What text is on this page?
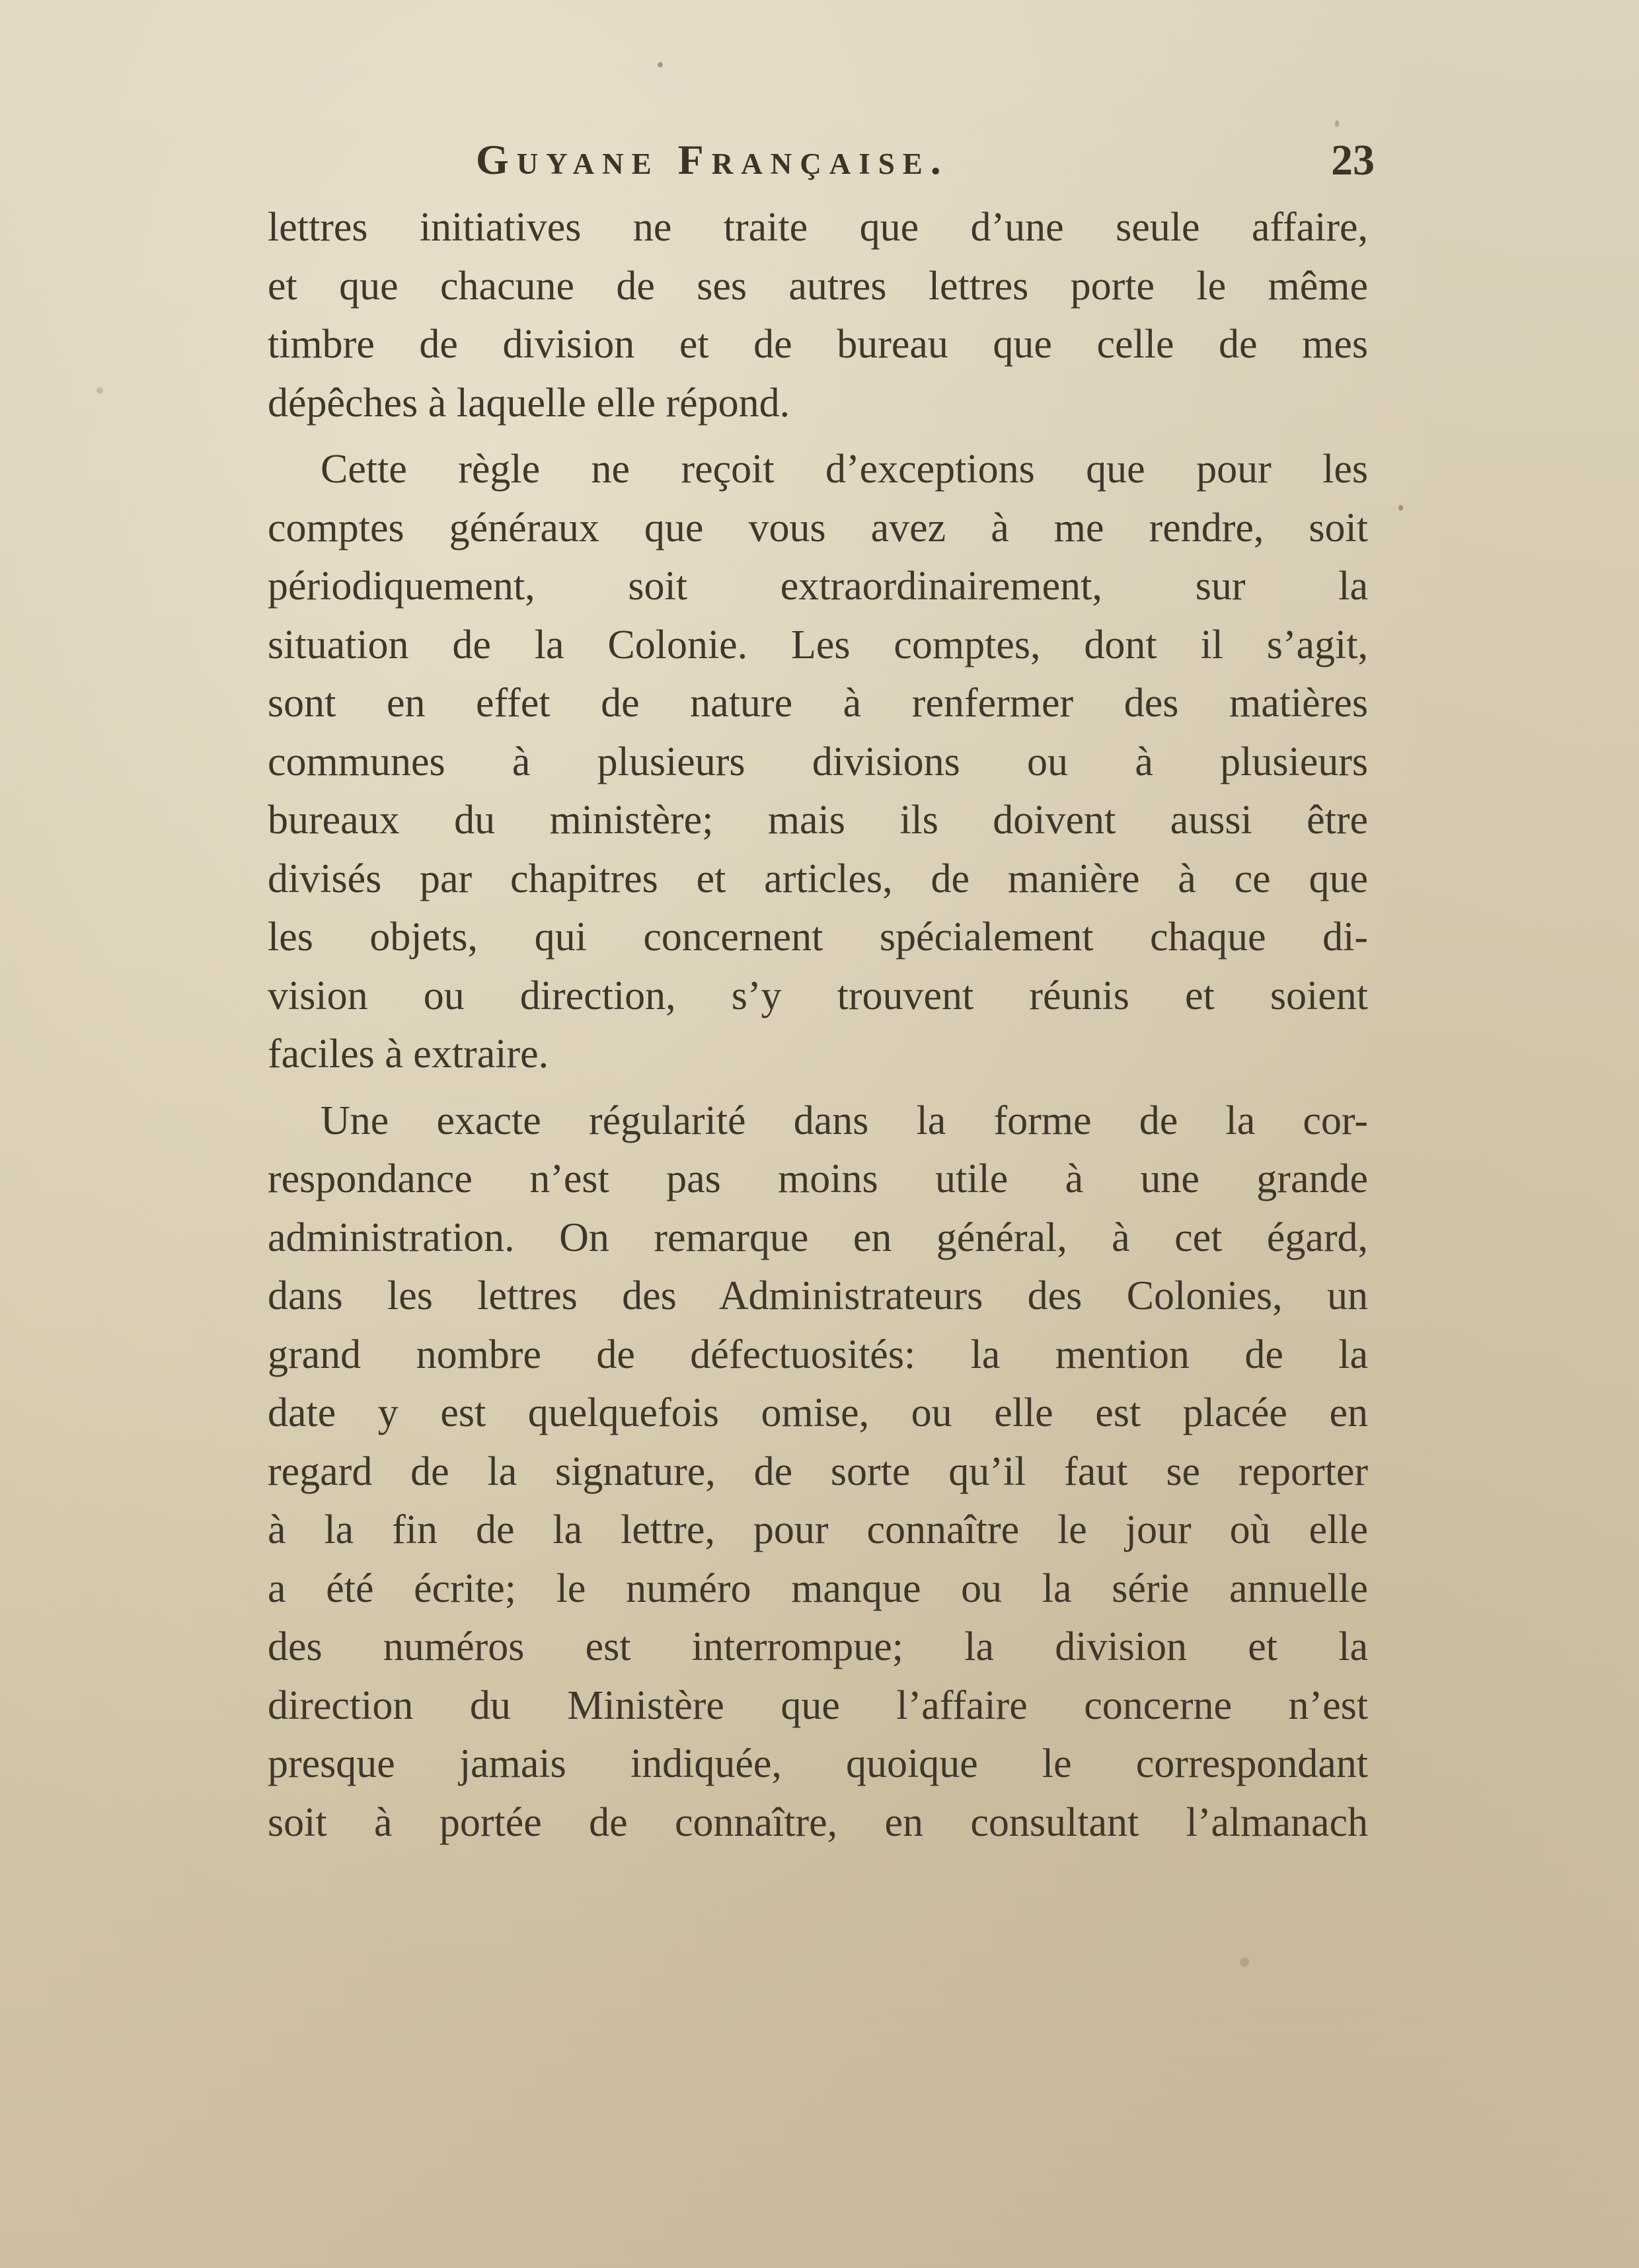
Guyane Française.	23
lettres initiatives ne traite que d’une seule affaire,
et que chacune de ses autres lettres porte le même
timbre de division et de bureau que celle de mes
dépêches à laquelle elle répond.
Cette règle ne reçoit d’exceptions que pour les
comptes généraux que vous avez à me rendre, soit
périodiquement, soit extraordinairement, sur la
situation de la Colonie. Les comptes, dont il s’agit,
sont en effet de nature à renfermer des matières
communes à plusieurs divisions ou à plusieurs
bureaux du ministère; mais ils doivent aussi être
divisés par chapitres et articles, de manière à ce que
les objets, qui concernent spécialement chaque di-
vision ou direction, s’y trouvent réunis et soient
faciles à extraire.
Une exacte régularité dans la forme de la cor-
respondance n’est pas moins utile à une grande
administration. On remarque en général, à cet égard,
dans les lettres des Administrateurs des Colonies, un
grand nombre de défectuosités: la mention de la
date y est quelquefois omise, ou elle est placée en
regard de la signature, de sorte qu’il faut se reporter
à la fin de la lettre, pour connaître le jour où elle
a été écrite; le numéro manque ou la série annuelle
des numéros est interrompue; la division et la
direction du Ministère que l’affaire concerne n’est
presque jamais indiquée, quoique le correspondant
soit à portée de connaître, en consultant l’almanach
